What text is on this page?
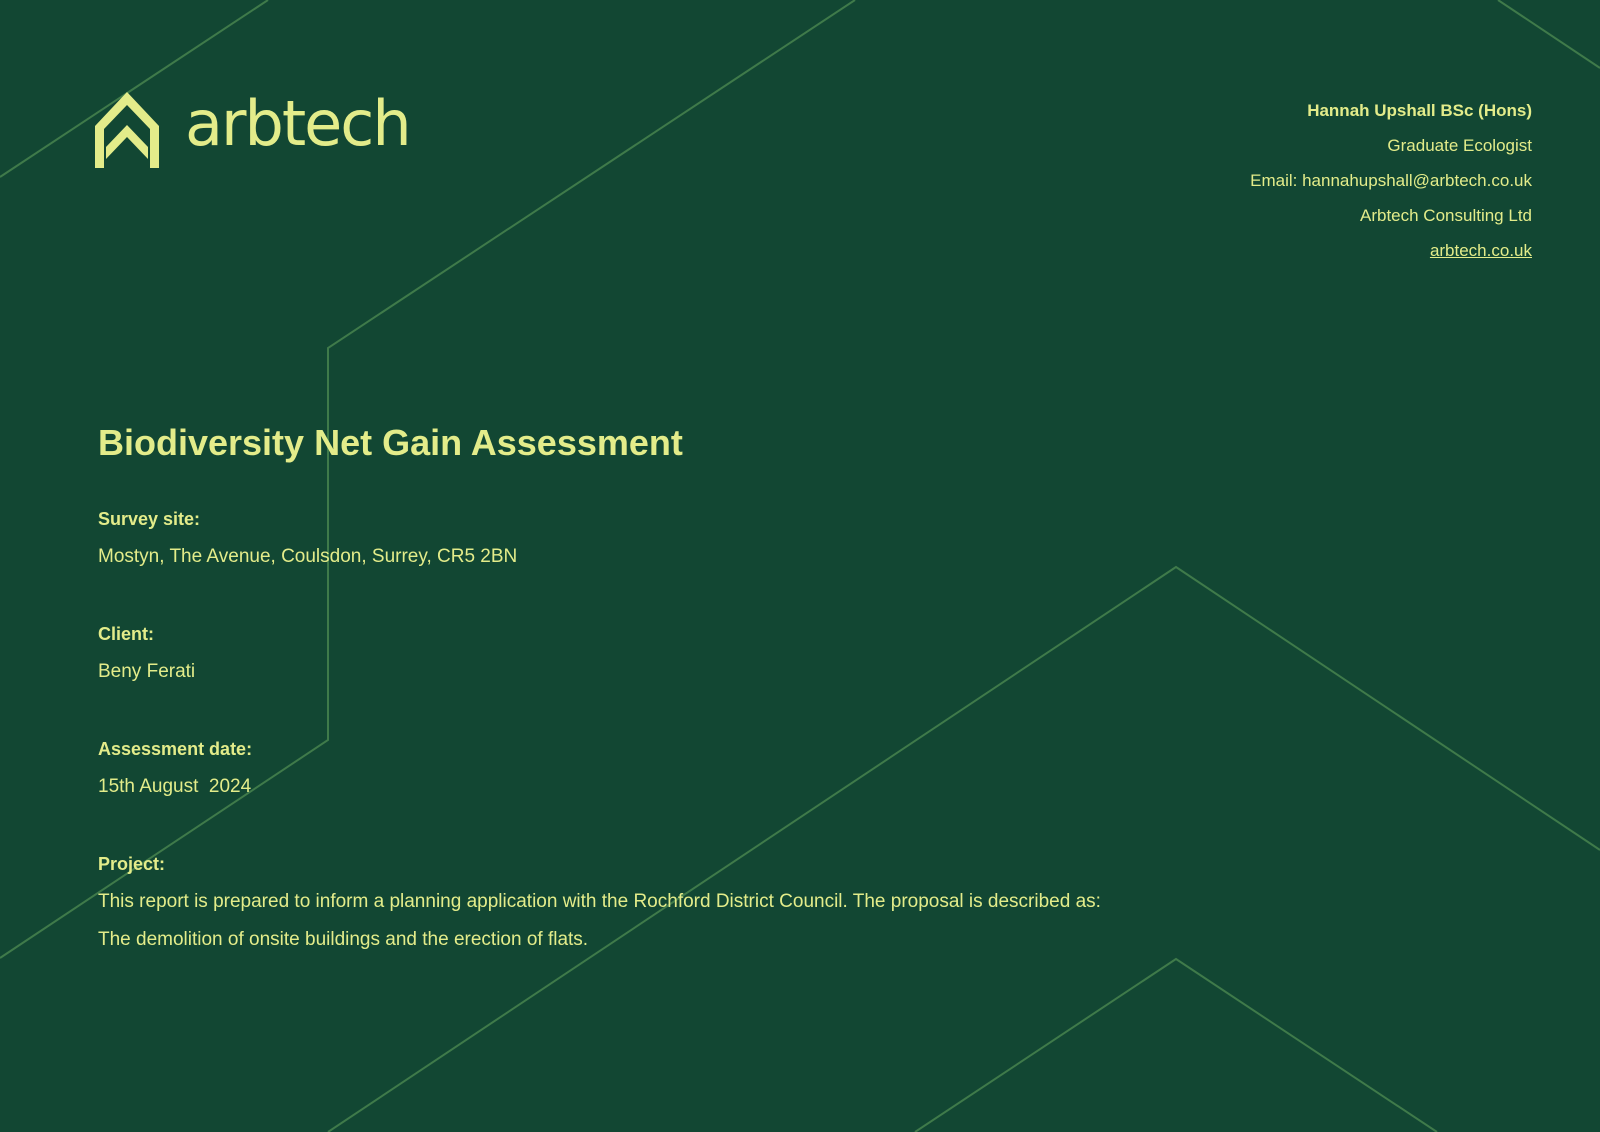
arbtech	Hannah Upshall BSc (Hons)
Graduate Ecologist
Email: hannahupshall@arbtech.co.uk
Arbtech Consulting Ltd
arbtech.co.uk
Biodiversity Net Gain Assessment
Survey site:
Mostyn, The Avenue, Coulsdon, Surrey, CR5 2BN
Client:
Beny Ferati
Assessment date:
15th August  2024
Project:
This report is prepared to inform a planning application with the Rochford District Council. The proposal is described as:
The demolition of onsite buildings and the erection of flats.
